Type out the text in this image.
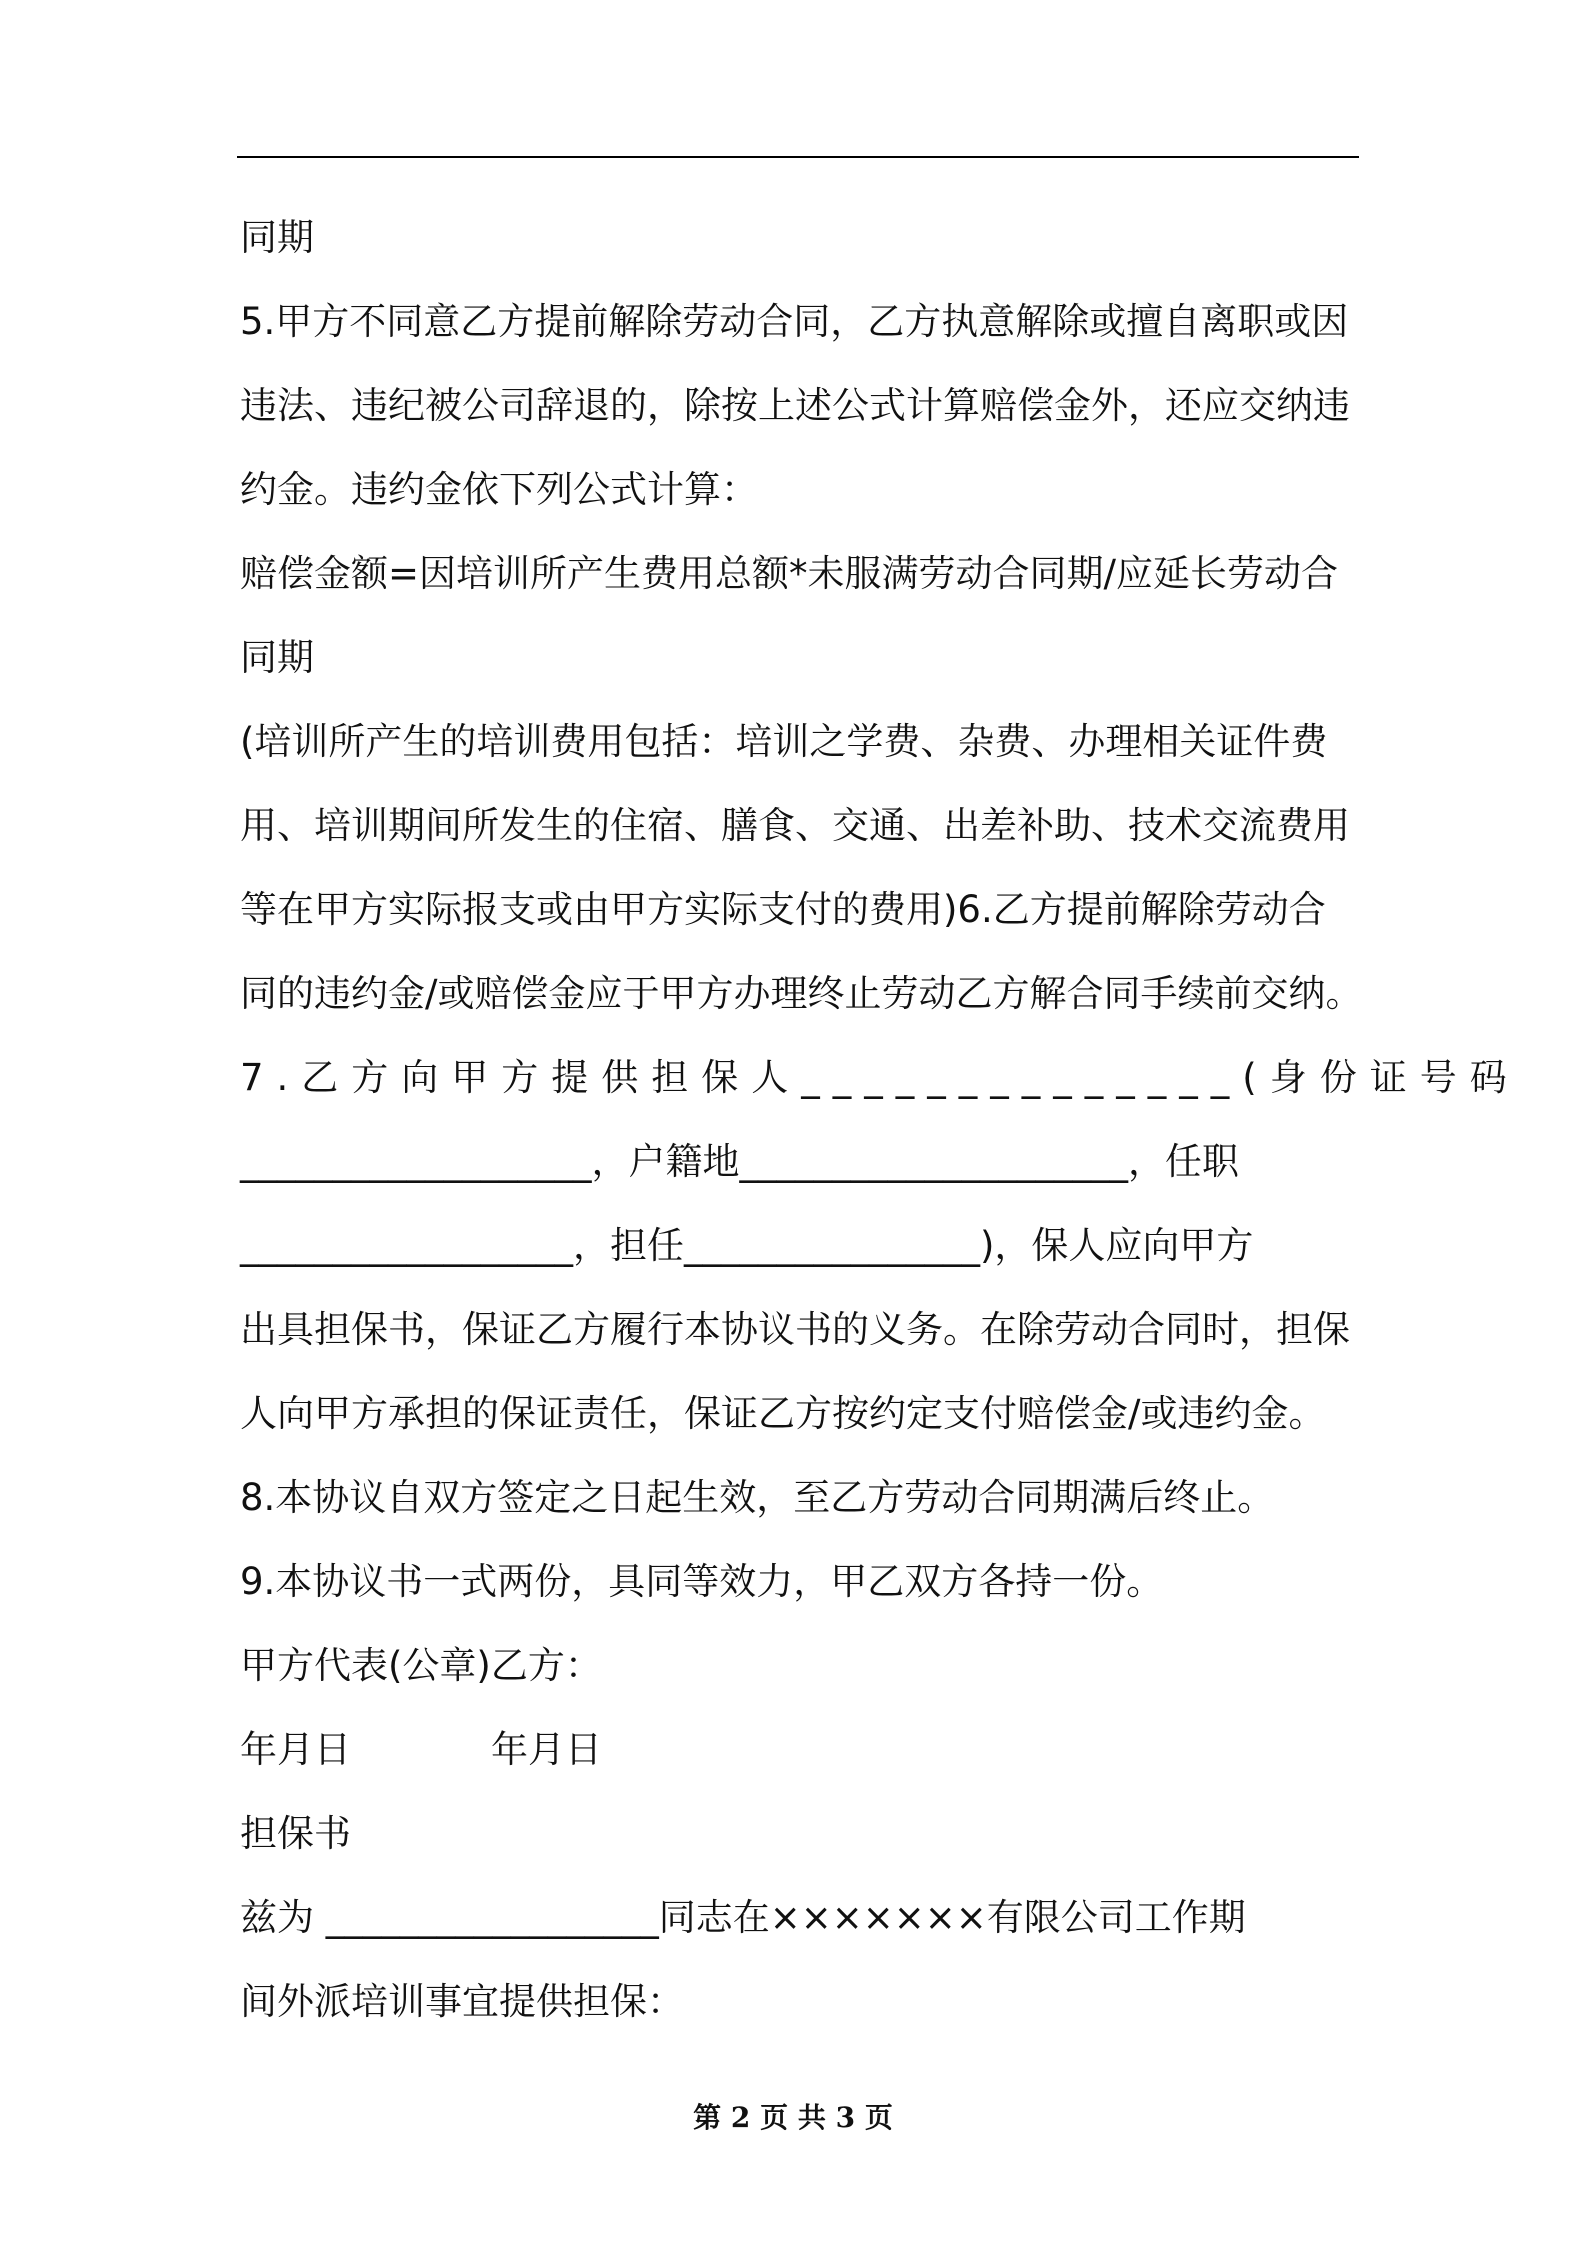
同期
5.甲方不同意乙方提前解除劳动合同，乙方执意解除或擅自离职或因
违法、违纪被公司辞退的，除按上述公式计算赔偿金外，还应交纳违
约金。违约金依下列公式计算：
赔偿金额=因培训所产生费用总额*未服满劳动合同期/应延长劳动合
同期
(培训所产生的培训费用包括：培训之学费、杂费、办理相关证件费
用、培训期间所发生的住宿、膳食、交通、出差补助、技术交流费用
等在甲方实际报支或由甲方实际支付的费用)6.乙方提前解除劳动合
同的违约金/或赔偿金应于甲方办理终止劳动乙方解合同手续前交纳。
7.乙方向甲方提供担保人______________(身份证号码
___________________，户籍地_____________________，任职
__________________，担任________________)，保人应向甲方
出具担保书，保证乙方履行本协议书的义务。在除劳动合同时，担保
人向甲方承担的保证责任，保证乙方按约定支付赔偿金/或违约金。
8.本协议自双方签定之日起生效，至乙方劳动合同期满后终止。
9.本协议书一式两份，具同等效力，甲乙双方各持一份。
甲方代表(公章)乙方：
年月日	年月日
担保书
兹为 __________________同志在×××××××有限公司工作期
间外派培训事宜提供担保：
第 2 页 共 3 页
